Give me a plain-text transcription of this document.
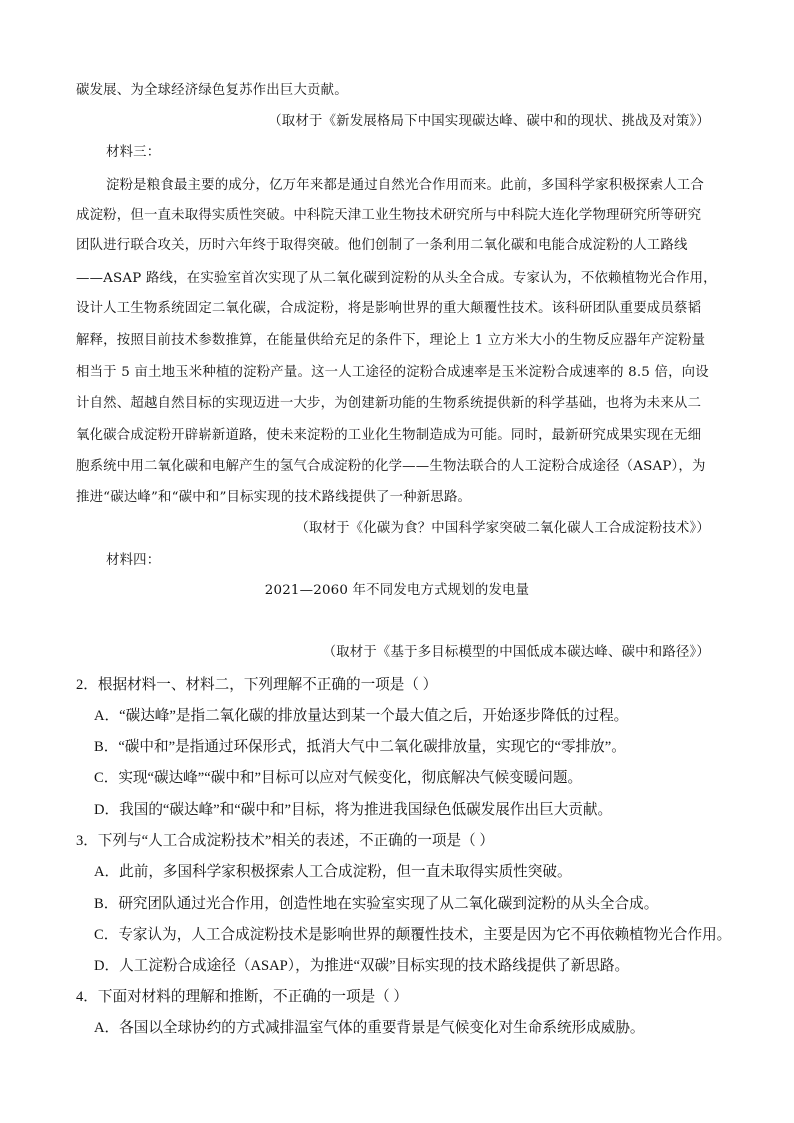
碳发展、为全球经济绿色复苏作出巨大贡献。
（取材于《新发展格局下中国实现碳达峰、碳中和的现状、挑战及对策》）
材料三：
淀粉是粮食最主要的成分，亿万年来都是通过自然光合作用而来。此前，多国科学家积极探索人工合
成淀粉，但一直未取得实质性突破。中科院天津工业生物技术研究所与中科院大连化学物理研究所等研究
团队进行联合攻关，历时六年终于取得突破。他们创制了一条利用二氧化碳和电能合成淀粉的人工路线
——ASAP 路线，在实验室首次实现了从二氧化碳到淀粉的从头全合成。专家认为，不依赖植物光合作用，
设计人工生物系统固定二氧化碳，合成淀粉，将是影响世界的重大颠覆性技术。该科研团队重要成员蔡韬
解释，按照目前技术参数推算，在能量供给充足的条件下，理论上 1 立方米大小的生物反应器年产淀粉量
相当于 5 亩土地玉米种植的淀粉产量。这一人工途径的淀粉合成速率是玉米淀粉合成速率的 8.5 倍，向设
计自然、超越自然目标的实现迈进一大步，为创建新功能的生物系统提供新的科学基础，也将为未来从二
氧化碳合成淀粉开辟崭新道路，使未来淀粉的工业化生物制造成为可能。同时，最新研究成果实现在无细
胞系统中用二氧化碳和电解产生的氢气合成淀粉的化学——生物法联合的人工淀粉合成途径（ASAP），为
推进“碳达峰”和“碳中和”目标实现的技术路线提供了一种新思路。
（取材于《化碳为食？中国科学家突破二氧化碳人工合成淀粉技术》）
材料四：
2021—2060 年不同发电方式规划的发电量
（取材于《基于多目标模型的中国低成本碳达峰、碳中和路径》）
2．根据材料一、材料二，下列理解不正确的一项是（ ）
A．“碳达峰”是指二氧化碳的排放量达到某一个最大值之后，开始逐步降低的过程。
B．“碳中和”是指通过环保形式，抵消大气中二氧化碳排放量，实现它的“零排放”。
C．实现“碳达峰”“碳中和”目标可以应对气候变化，彻底解决气候变暖问题。
D．我国的“碳达峰”和“碳中和”目标，将为推进我国绿色低碳发展作出巨大贡献。
3．下列与“人工合成淀粉技术”相关的表述，不正确的一项是（ ）
A．此前，多国科学家积极探索人工合成淀粉，但一直未取得实质性突破。
B．研究团队通过光合作用，创造性地在实验室实现了从二氧化碳到淀粉的从头全合成。
C．专家认为，人工合成淀粉技术是影响世界的颠覆性技术，主要是因为它不再依赖植物光合作用。
D．人工淀粉合成途径（ASAP），为推进“双碳”目标实现的技术路线提供了新思路。
4．下面对材料的理解和推断，不正确的一项是（ ）
A．各国以全球协约的方式减排温室气体的重要背景是气候变化对生命系统形成威胁。
